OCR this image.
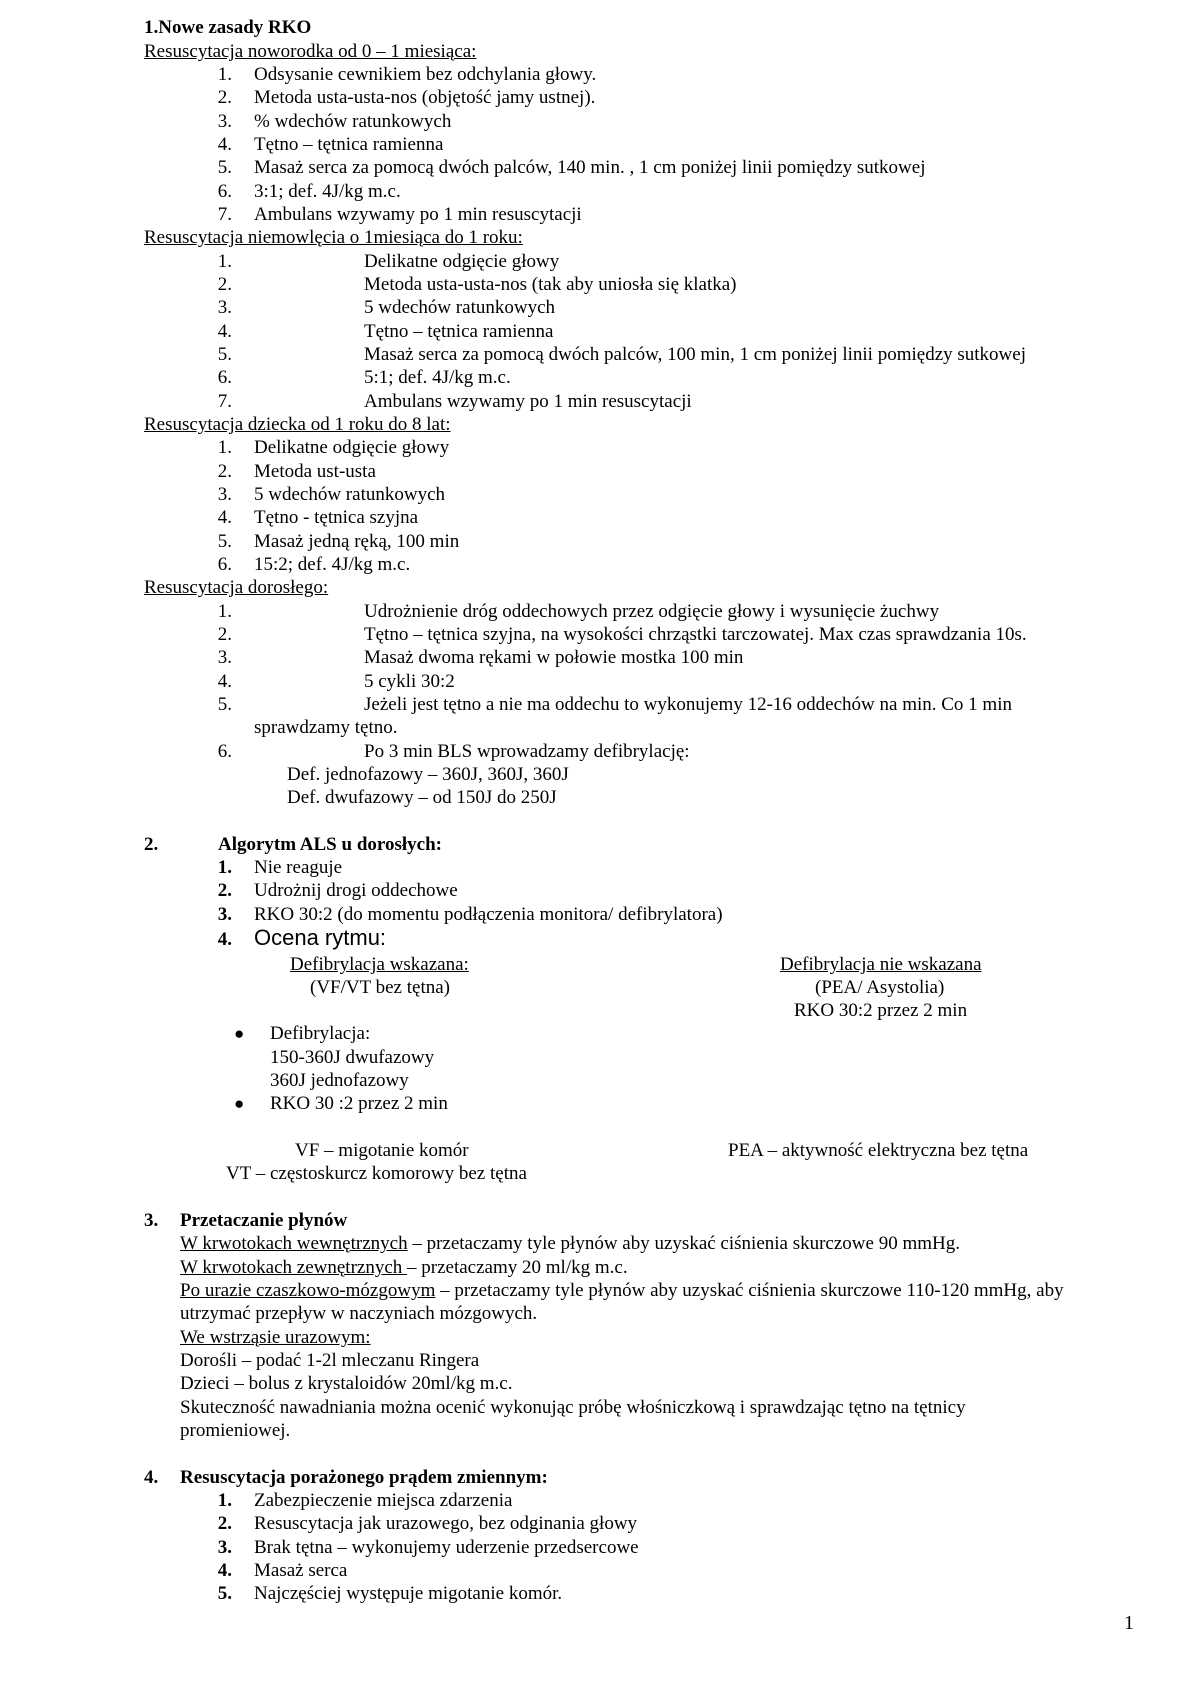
1.Nowe zasady RKO
Resuscytacja noworodka od 0 – 1 miesiąca:
1. Odsysanie cewnikiem bez odchylania głowy.
2. Metoda usta-usta-nos (objętość jamy ustnej).
3. % wdechów ratunkowych
4. Tętno – tętnica ramienna
5. Masaż serca za pomocą dwóch palców, 140 min. , 1 cm poniżej linii pomiędzy sutkowej
6. 3:1; def. 4J/kg m.c.
7. Ambulans wzywamy po 1 min resuscytacji
Resuscytacja niemowlęcia o 1miesiąca do 1 roku:
1.	Delikatne odgięcie głowy
2.	Metoda usta-usta-nos (tak aby uniosła się klatka)
3.	5 wdechów ratunkowych
4.	Tętno – tętnica ramienna
5.	Masaż serca za pomocą dwóch palców, 100 min, 1 cm poniżej linii pomiędzy sutkowej
6.	5:1; def. 4J/kg m.c.
7.	Ambulans wzywamy po 1 min resuscytacji
Resuscytacja dziecka od 1 roku do 8 lat:
1. Delikatne odgięcie głowy
2. Metoda ust-usta
3. 5 wdechów ratunkowych
4. Tętno - tętnica szyjna
5. Masaż jedną ręką, 100 min
6. 15:2; def. 4J/kg m.c.
Resuscytacja dorosłego:
1.	Udrożnienie dróg oddechowych przez odgięcie głowy i wysunięcie żuchwy
2.	Tętno – tętnica szyjna, na wysokości chrząstki tarczowatej. Max czas sprawdzania 10s.
3.	Masaż dwoma rękami w połowie mostka 100 min
4.	5 cykli 30:2
5.	Jeżeli jest tętno a nie ma oddechu to wykonujemy 12-16 oddechów na min. Co 1 min
sprawdzamy tętno.
6.	Po 3 min BLS wprowadzamy defibrylację:
Def. jednofazowy – 360J, 360J, 360J
Def. dwufazowy – od 150J do 250J
2.	Algorytm ALS u dorosłych:
1. Nie reaguje
2. Udrożnij drogi oddechowe
3. RKO 30:2 (do momentu podłączenia monitora/ defibrylatora)
4. Ocena rytmu:
Defibrylacja wskazana:
(VF/VT bez tętna)
Defibrylacja nie wskazana
(PEA/ Asystolia)
RKO 30:2 przez 2 min
● Defibrylacja:
150-360J dwufazowy
360J jednofazowy
● RKO 30 :2 przez 2 min
VF – migotanie komór
VT – częstoskurcz komorowy bez tętna
PEA – aktywność elektryczna bez tętna
3. Przetaczanie płynów
W krwotokach wewnętrznych – przetaczamy tyle płynów aby uzyskać ciśnienia skurczowe 90 mmHg.
W krwotokach zewnętrznych – przetaczamy 20 ml/kg m.c.
Po urazie czaszkowo-mózgowym – przetaczamy tyle płynów aby uzyskać ciśnienia skurczowe 110-120 mmHg, aby
utrzymać przepływ w naczyniach mózgowych.
We wstrząsie urazowym:
Dorośli – podać 1-2l mleczanu Ringera
Dzieci – bolus z krystaloidów 20ml/kg m.c.
Skuteczność nawadniania można ocenić wykonując próbę włośniczkową i sprawdzając tętno na tętnicy
promieniowej.
4. Resuscytacja porażonego prądem zmiennym:
1. Zabezpieczenie miejsca zdarzenia
2. Resuscytacja jak urazowego, bez odginania głowy
3. Brak tętna – wykonujemy uderzenie przedsercowe
4. Masaż serca
5. Najczęściej występuje migotanie komór.
1
